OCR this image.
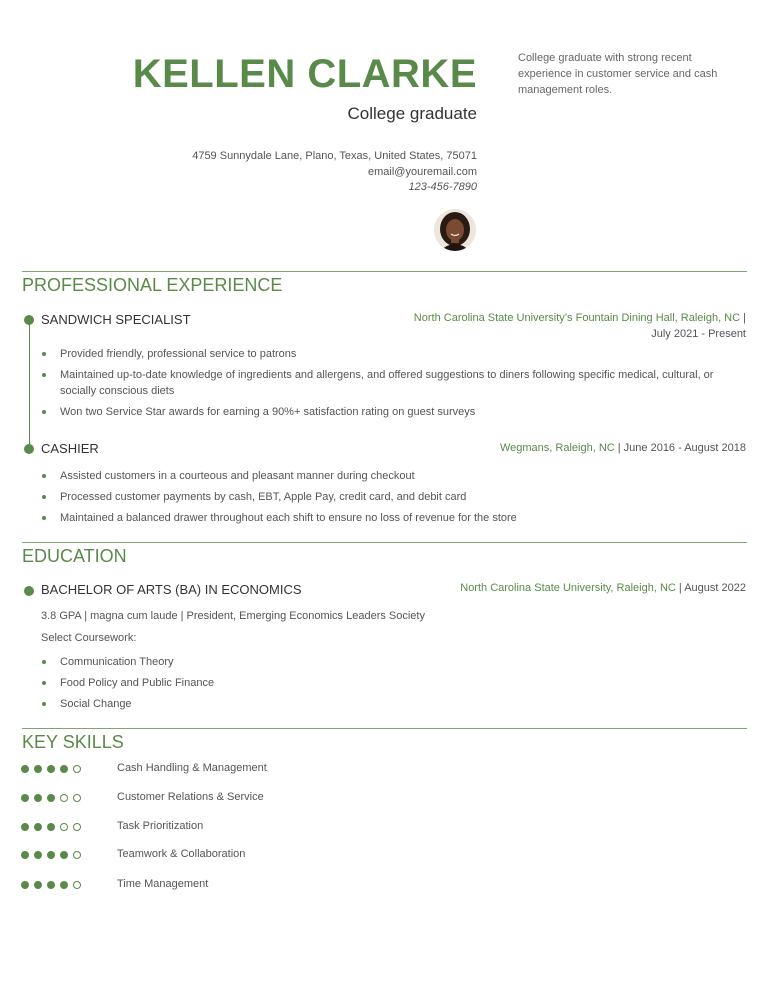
KELLEN CLARKE
College graduate
College graduate with strong recent experience in customer service and cash management roles.
4759 Sunnydale Lane, Plano, Texas, United States, 75071
email@youremail.com
123-456-7890
PROFESSIONAL EXPERIENCE
SANDWICH SPECIALIST	North Carolina State University’s Fountain Dining Hall, Raleigh, NC |
July 2021 - Present
Provided friendly, professional service to patrons
Maintained up-to-date knowledge of ingredients and allergens, and offered suggestions to diners following specific medical, cultural, or socially conscious diets
Won two Service Star awards for earning a 90%+ satisfaction rating on guest surveys
CASHIER	Wegmans, Raleigh, NC | June 2016 - August 2018
Assisted customers in a courteous and pleasant manner during checkout
Processed customer payments by cash, EBT, Apple Pay, credit card, and debit card
Maintained a balanced drawer throughout each shift to ensure no loss of revenue for the store
EDUCATION
BACHELOR OF ARTS (BA) IN ECONOMICS	North Carolina State University, Raleigh, NC | August 2022
3.8 GPA | magna cum laude | President, Emerging Economics Leaders Society
Select Coursework:
Communication Theory
Food Policy and Public Finance
Social Change
KEY SKILLS
Cash Handling & Management
Customer Relations & Service
Task Prioritization
Teamwork & Collaboration
Time Management
